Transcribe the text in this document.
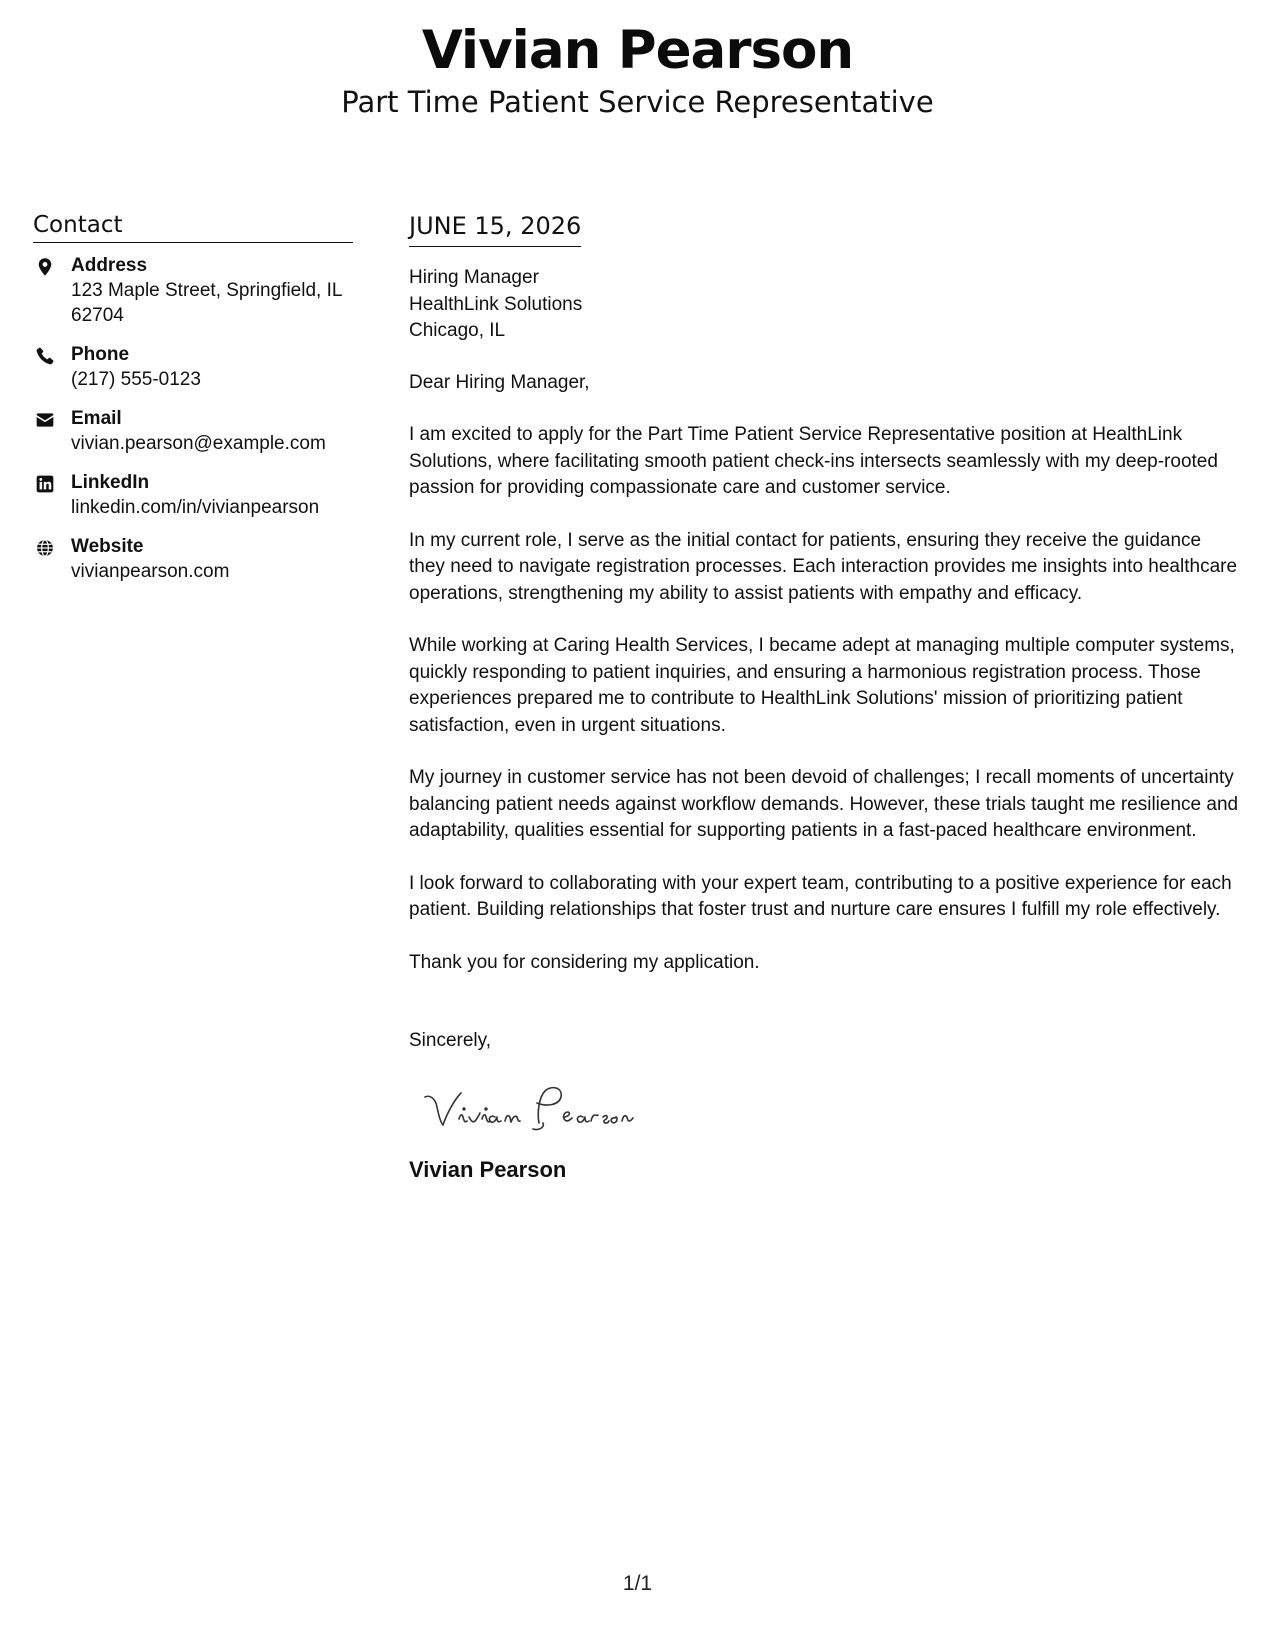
Vivian Pearson
Part Time Patient Service Representative
Contact
Address
123 Maple Street, Springfield, IL 62704
Phone
(217) 555-0123
Email
vivian.pearson@example.com
LinkedIn
linkedin.com/in/vivianpearson
Website
vivianpearson.com
JUNE 15, 2026
Hiring Manager
HealthLink Solutions
Chicago, IL
Dear Hiring Manager,
I am excited to apply for the Part Time Patient Service Representative position at HealthLink Solutions, where facilitating smooth patient check-ins intersects seamlessly with my deep-rooted passion for providing compassionate care and customer service.
In my current role, I serve as the initial contact for patients, ensuring they receive the guidance they need to navigate registration processes. Each interaction provides me insights into healthcare operations, strengthening my ability to assist patients with empathy and efficacy.
While working at Caring Health Services, I became adept at managing multiple computer systems, quickly responding to patient inquiries, and ensuring a harmonious registration process. Those experiences prepared me to contribute to HealthLink Solutions' mission of prioritizing patient satisfaction, even in urgent situations.
My journey in customer service has not been devoid of challenges; I recall moments of uncertainty balancing patient needs against workflow demands. However, these trials taught me resilience and adaptability, qualities essential for supporting patients in a fast-paced healthcare environment.
I look forward to collaborating with your expert team, contributing to a positive experience for each patient. Building relationships that foster trust and nurture care ensures I fulfill my role effectively.
Thank you for considering my application.
Sincerely,
Vivian Pearson
1/1
